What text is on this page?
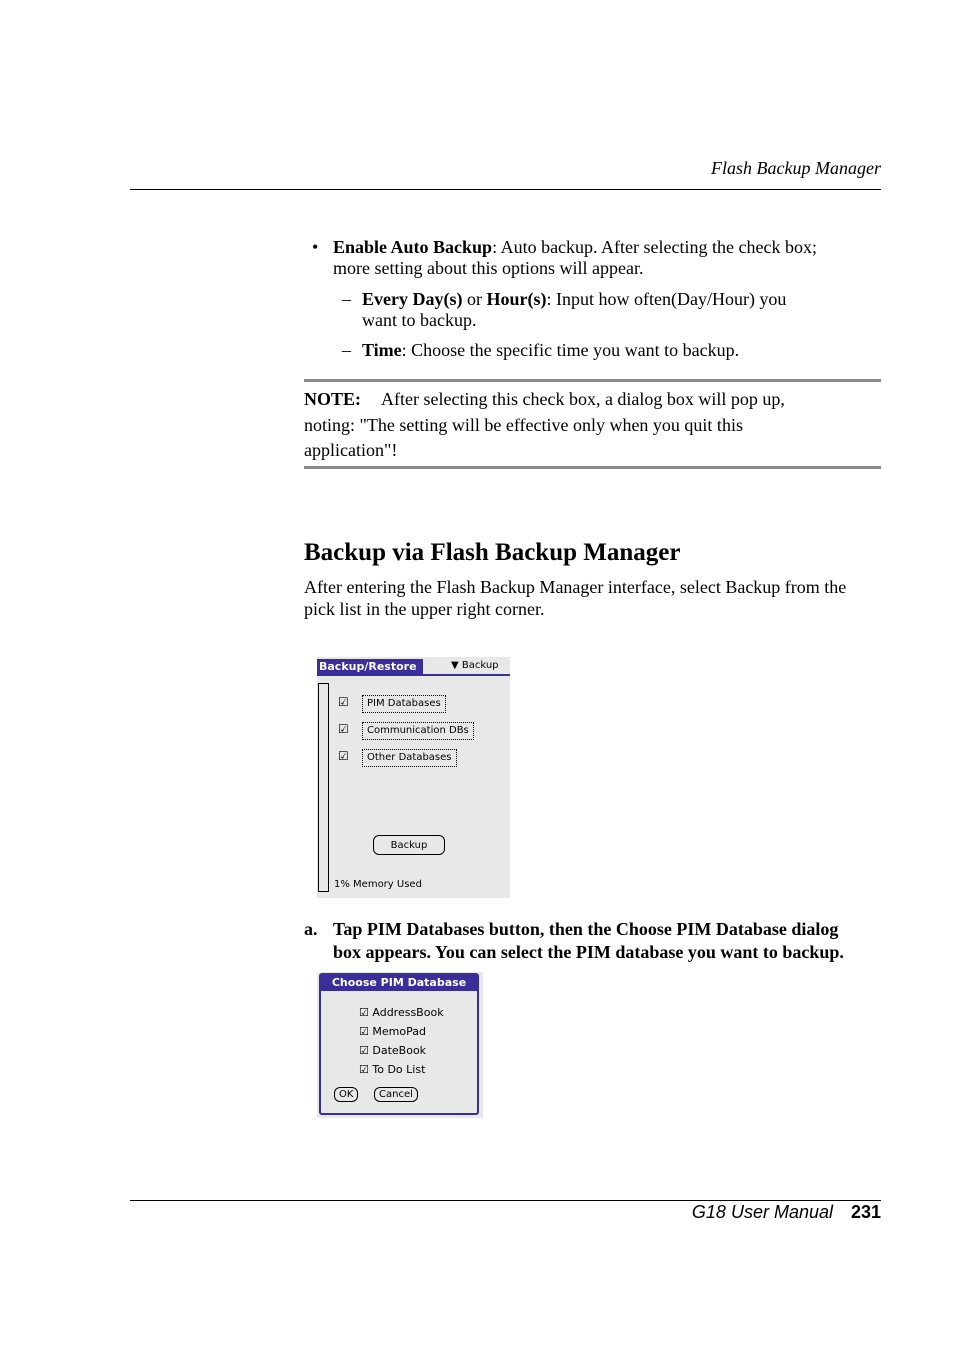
Flash Backup Manager
• Enable Auto Backup: Auto backup. After selecting the check box;
more setting about this options will appear.
– Every Day(s) or Hour(s): Input how often(Day/Hour) you
want to backup.
– Time: Choose the specific time you want to backup.
NOTE: After selecting this check box, a dialog box will pop up,
noting: "The setting will be effective only when you quit this
application"!
Backup via Flash Backup Manager
After entering the Flash Backup Manager interface, select Backup from the
pick list in the upper right corner.
Backup/Restore	▼ Backup
☑	PIM Databases
☑	Communication DBs
☑	Other Databases
Backup
1% Memory Used
a. Tap PIM Databases button, then the Choose PIM Database dialog
box appears. You can select the PIM database you want to backup.
Choose PIM Database
☑ AddressBook
☑ MemoPad
☑ DateBook
☑ To Do List
OK	Cancel
G18 User Manual 231
